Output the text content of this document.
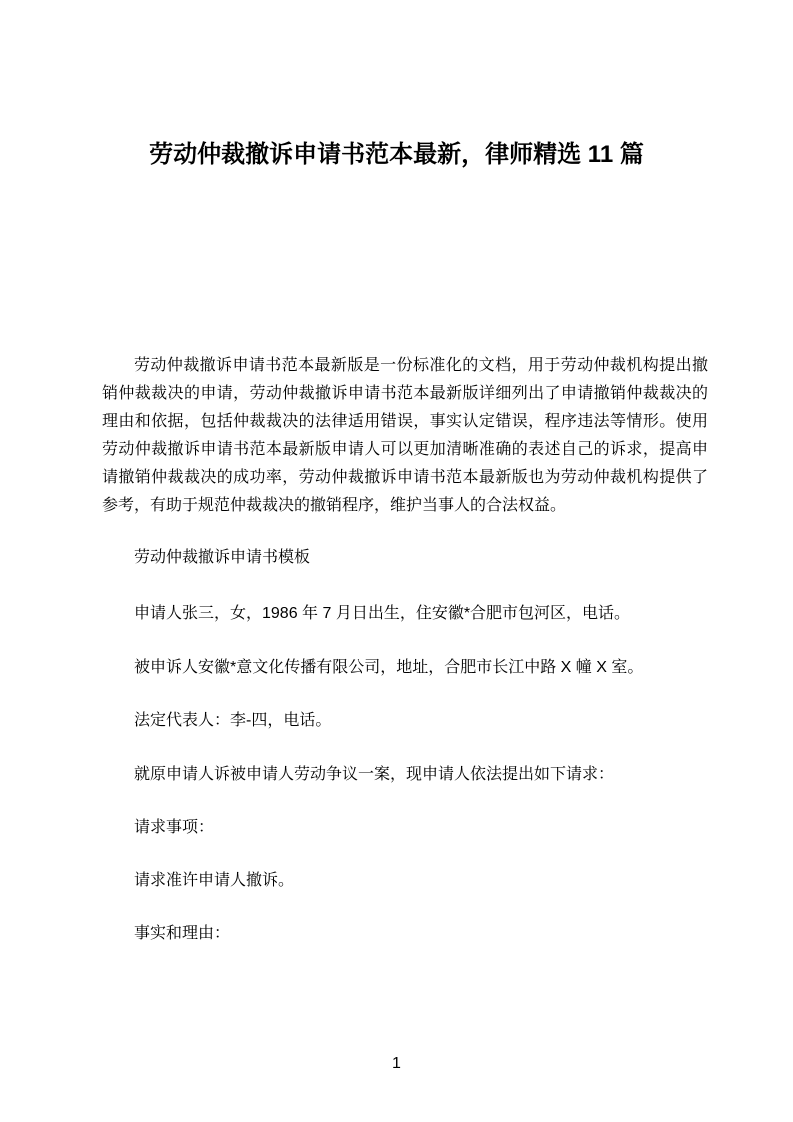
劳动仲裁撤诉申请书范本最新，律师精选 11 篇
劳动仲裁撤诉申请书范本最新版是一份标准化的文档，用于劳动仲裁机构提出撤销仲裁裁决的申请，劳动仲裁撤诉申请书范本最新版详细列出了申请撤销仲裁裁决的理由和依据，包括仲裁裁决的法律适用错误，事实认定错误，程序违法等情形。使用劳动仲裁撤诉申请书范本最新版申请人可以更加清晰准确的表述自己的诉求，提高申请撤销仲裁裁决的成功率，劳动仲裁撤诉申请书范本最新版也为劳动仲裁机构提供了参考，有助于规范仲裁裁决的撤销程序，维护当事人的合法权益。
劳动仲裁撤诉申请书模板
申请人张三，女，1986 年 7 月日出生，住安徽*合肥市包河区，电话。
被申诉人安徽*意文化传播有限公司，地址，合肥市长江中路 X 幢 X 室。
法定代表人：李-四，电话。
就原申请人诉被申请人劳动争议一案，现申请人依法提出如下请求：
请求事项：
请求准许申请人撤诉。
事实和理由：
1
